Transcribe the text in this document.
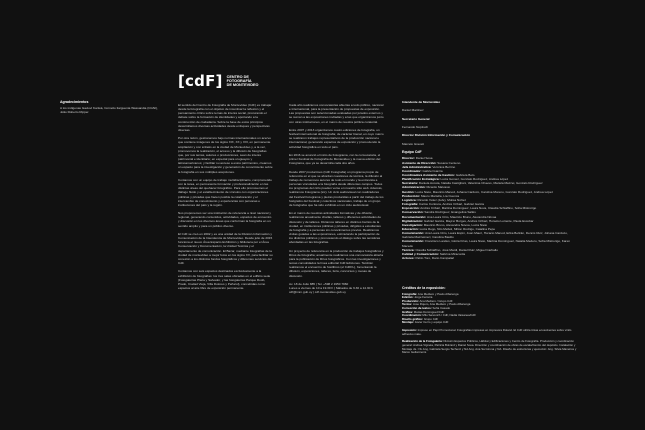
Agradecimientos

A los indígenas Gaviovi Kariwà, Cornelio Itaíguenta Wassandia (CGNI), João Roberto Ripper.

[cdF] CENTRO DE
FOTOGRAFÍA
DE MONTEVIDEO

El sentido del Centro de Fotografía de Montevideo (CdF) es trabajar desde la fotografía con el objetivo de incentivar la reflexión y el pensamiento crítico sobre temas de interés social, procurando el debate sobre la formación de identidades y aportando a la construcción de ciudadanía. Sobre la base de estos principios desarrollamos diversas actividades desde enfoques y perspectivas diversas.

Por otra razón, gestionamos bajo normas internacionales un acervo que contiene imágenes de los siglos XIX, XX y XXI, en permanente ampliación y con énfasis en la ciudad de Montevideo y, a la vez, promovemos la realización, el acceso y la difusión de fotografías que, por sus temas, autores o producciones, sean de interés patrimonial e identitario; en especial para uruguayos y latinoamericanos; y facilitar su acceso a estos patrimonios, creamos un espacio para la investigación y generación de conocimiento sobre la fotografía en sus múltiples acepciones.

Contamos con un equipo de trabajo multidisciplinario, comprometido con la tarea, en permanente formación y profesionalización en las distintas áreas del quehacer fotográfico. Para ello promovemos el diálogo fluido y el establecimiento de vínculos con organizaciones públicas y privadas que hacen posible la colaboración y el intercambio de conocimiento y experiencias con personas e instituciones del país y la región.

Nos proponemos ser una institución de referencia a nivel nacional y regional, generando contenidos, actividades, espacios de encuentro y discusión en los diversos áreas que conforman la fotografía en un sentido amplio y para un público diverso.

El CdF se creó en 2002 y es una unidad de la División Información y Comunicación de la Intendencia de Montevideo. Desde julio de 2015 funciona el nuevo Área Espacio Exhibición y biblioteca por el Área Conservación y Documentación, la Unidad Técnica y el departamento de comunicación. El Bazar, mediante fotografías de la ciudad de montevideo a mejor fotos en los siglos XX, para facilitar su conexión a los distintos fondos fotográficos y diferentes servicios del CdF.

Contamos con seis espacios destinados exclusivamente a la exhibición de fotografías: los tres salas ubicadas en el edificio sede (Fotogalerías Plaza y Salvador, y las fotogalerías Parque Rodó, Prado, Ciudad Vieja, Villa Dolores y Peñarol), concebidas como espacios al aire libre de exposición permanente.

Cada año realizamos convocatorias abiertas a todo público, nacional e internacional, para la presentación de propuestas de exposición. Las propuestas son seleccionadas evaluadas por jurados externos y se suman a las exposiciones invitadas y a las que organizamos junto con otras instituciones, en el marco de nuestra política curatorial.

Entre 2007 y 2013 organizamos cuatro ediciones de fotografía, un festival internacional de fotografía; de carácter bienal, en cuyo marco se realizaron trabajos representativos de la producción nacional e internacional, generando espacios de exposición y promoviendo la actividad fotográfica en todo el país.

En 2016 se anunció el inicio de Fotograma, con la convocatoria, el primer Festival de Fotografía de Montevideo y la nueva edición del Fotograma, que ya se desarrolla cada dos años.

Desde 2007 producimos (CdF Fotografía) un programa propio de referencia en el que se abordan cuestiones de técnica, la difusión al trabajo de numerosos autores de todo el mundo y la entrevista a personas vinculadas a la fotografía desde diferentes campos. Todos los programas del ciclo pueden verse en nuestro sitio web. Además, realizamos Fotograma (sic). Un ciclo audiovisual con realizadores del Festival Fotograma y piezas producidas a partir del trabajo de los fotógrafos del Festival y colectivos nacionales, trabajo de un grupo de fotógrafos que ha sido exhibido en un ciclo audiovisual.

En el marco de nuestras actividades formativas y de difusión, realizamos anualmente charlas, talleres y diferentes actividades de discusión y de talleres. Dictamos talleres en distintos barrios de la ciudad, en instituciones públicas y privadas, dirigidos a estudiantes de fotografía y a personas sin conocimientos previos. Realizamos visitas guiadas a las exposiciones, estimulando la participación de los distintos públicos y promoviendo el diálogo sobre las temáticas abordadas en las fotografías.

Un proyecto de referencia en la producción de trabajos fotográficos y libros de fotografía; anualmente realizamos una convocatoria abierta para la publicación de libros fotográficos. Con las investigaciones y temas consolidados la línea editorial CdF Ediciones. También realizamos el encuentro de fotolibros (el CdFFL), fomentando la difusión, exposiciones, talleres, feria, concursos y mesas de discusión.

Av. 18 de Julio 885 | Tel. +598 2 1950 7960
Lunes a viernes de 10 a 19.30 h | Sábados de 9.30 a 14.30 h
cdf@imm.gub.uy | cdf.montevideo.gub.uy

Intendente de Montevideo

Daniel Martínez

Secretario General

Fernando Nopitsch

Director División Información y Comunicación

Marcelo Gravett

Equipo CdF
Director: Daniel Sosa
Asistente de Dirección: Susana Centeno
Jefa Administrativa: Verónica Berrino
Coordinador: Gabriel García
Coordinadora Asistente de Gestión: Gabriela Belo
Planificación Estratégica: Lucía Gomez, Gonzalo Rodríguez, Andrea López
Secretaría: Daniela Acosta, Natalia Castiglioni, Valentina Chaves, Mariela Mazzei, Gonzalo Rodríguez
Administración: Ricardo Malvasio
Gestión: Lucía Nieto, Mauricio Manod, Johana Cardozo, Carolina Moreno, Gonzalo Rodríguez, Andrea López
Producción: Mauro Martella, Lía Cuenca
Logística: Ricardo Vélez (Jefe), Molisa Núñez
Fotografía: Carlos Contrera, Andrés Cribari, Gabriel García
Exposición: Andrés Cribari, Martina Dominguez, Laura Nova, Claudia Schiaffino, Sofía Mistrorigo
Conservación: Sandra Rodríguez, Evangelina Sallés
Documentación: Ana Laura Cirio, Mauricio Bruno, Alexandra Nóvoa
Digitalización: Gabriel García, Mayrer Borges, Andrés Cribari, Horacio Loriente, Paola Escobar
Investigación: Mauricio Bruno, Alexandra Nóvoa, Lucía Nieto
Educación: Lucía Rego, Nilo Melleti, Milton Rodrigo, Catalina Pepe
Comunicación: Ana Laura Cirio, Laura Espín, Juan Mauri, Horacio Manod, Erika Beltrán, Dennis Ruiz, Johana Cardozo, Gabriela Mazzeimerí, Carolina Basilio
Comunicación: Francisco Landes, Gloria Frías, Laura Nieto, Martina Domínguez, Natalia Medero, Sofía Mistrorigo, Karen Macedo
Técnica: Claudia Schiaffino, José Mardi, Daniel Ruiz, Miguel Carballo
Calidad y Comunicación: Sabrina Miracorda
Actores: Pablo Toro, Dario Campalari
Créditos de la exposición:
Fotografía: Ana Mediero y Paulo Albarenga
Edición: Jorge Ferreira
Producción: Ana Mediero / Grupo CdF
Textos: Jose Rojero, Ana Mediero y Paulo Albarenga
Corrección de textos: Sofía Casado
Gráfica: Matías Domínguez/CdF
Coordinación: Milo Sanovich / CdF, Nadia Vaisanea/CdF
Diseño gráfico: Grupo CdF
Montaje: Javier Cerro y equipo CdF

Impresión: Impreso en Papi Promocional. Fotografías impresas en impresora Roland. El CdF utiliza tintas ecosolventes sobre vinilo adhesivo mate.

Realización de la Fotogalería: División Espacios Públicos, Hábitat y Edificaciones y Centro de Fotografía. Producción y coordinación general: Andrea Vigneta, Patricia Bolzard y Daniel Sosa. Dirección y coordinación de obras de escala/Centro del depósito. Instalación y Montaje ds.: NL Ang, Gabriela Sergio Techenz y NA Ang. Ana Sa Girona y NA. Diseño de estructuras y ejecución: Ang. Silvia Maneiros y Marco Gelloninomi.
